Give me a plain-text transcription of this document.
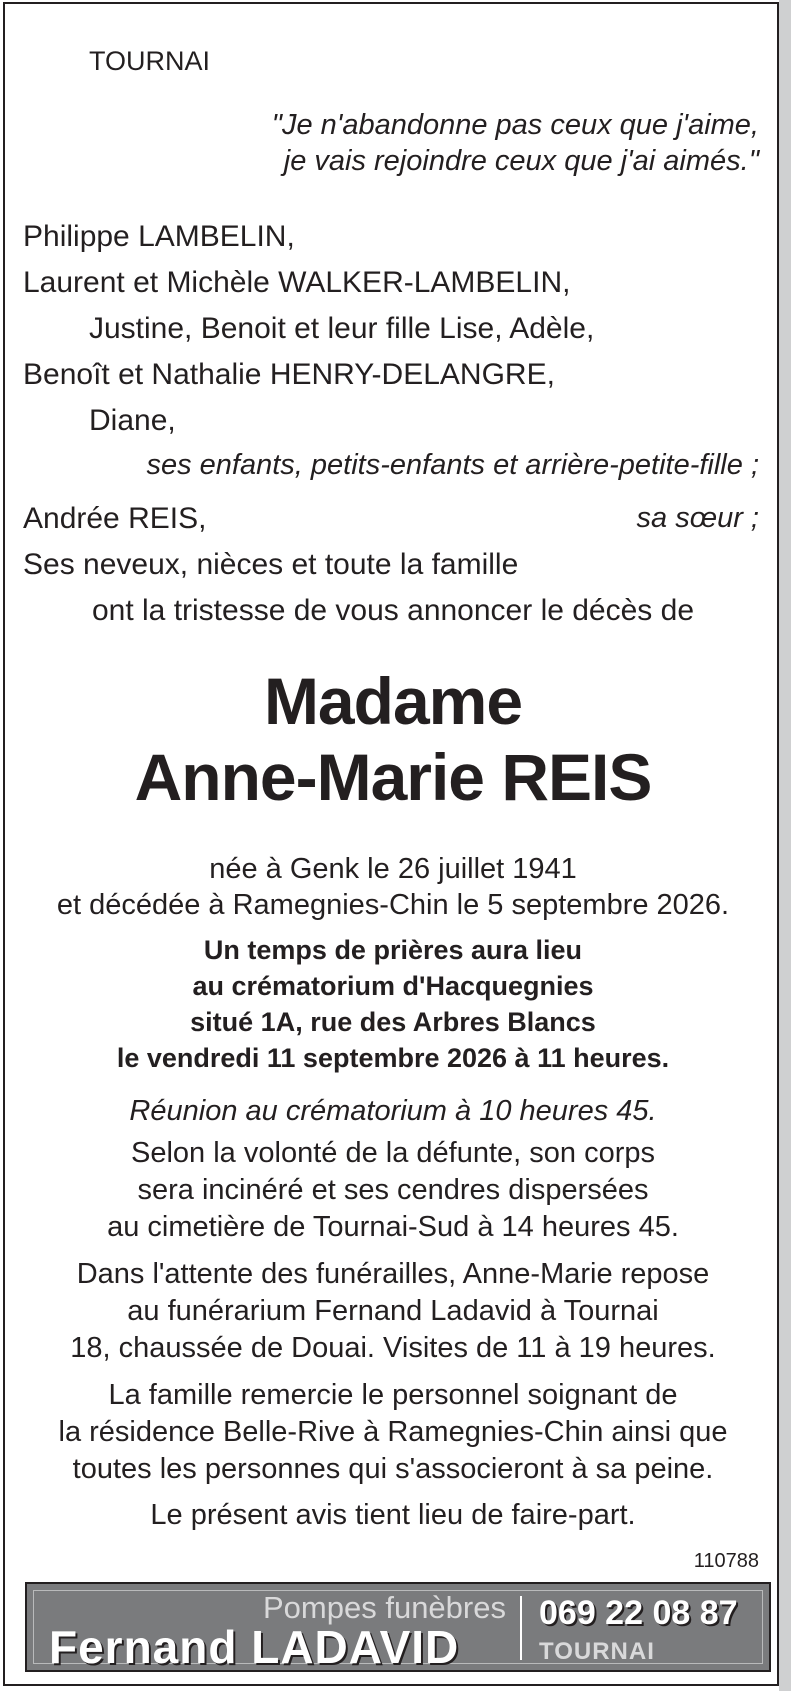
TOURNAI
"Je n'abandonne pas ceux que j'aime,
je vais rejoindre ceux que j'ai aimés."
Philippe LAMBELIN,
Laurent et Michèle WALKER-LAMBELIN,
Justine, Benoit et leur fille Lise, Adèle,
Benoît et Nathalie HENRY-DELANGRE,
Diane,
ses enfants, petits-enfants et arrière-petite-fille ;
Andrée REIS,	sa sœur ;
Ses neveux, nièces et toute la famille
ont la tristesse de vous annoncer le décès de
Madame
Anne-Marie REIS
née à Genk le 26 juillet 1941
et décédée à Ramegnies-Chin le 5 septembre 2026.
Un temps de prières aura lieu
au crématorium d'Hacquegnies
situé 1A, rue des Arbres Blancs
le vendredi 11 septembre 2026 à 11 heures.
Réunion au crématorium à 10 heures 45.
Selon la volonté de la défunte, son corps
sera incinéré et ses cendres dispersées
au cimetière de Tournai-Sud à 14 heures 45.
Dans l'attente des funérailles, Anne-Marie repose
au funérarium Fernand Ladavid à Tournai
18, chaussée de Douai. Visites de 11 à 19 heures.
La famille remercie le personnel soignant de
la résidence Belle-Rive à Ramegnies-Chin ainsi que
toutes les personnes qui s'associeront à sa peine.
Le présent avis tient lieu de faire-part.
110788
Pompes funèbres
Fernand LADAVID
069 22 08 87
TOURNAI
